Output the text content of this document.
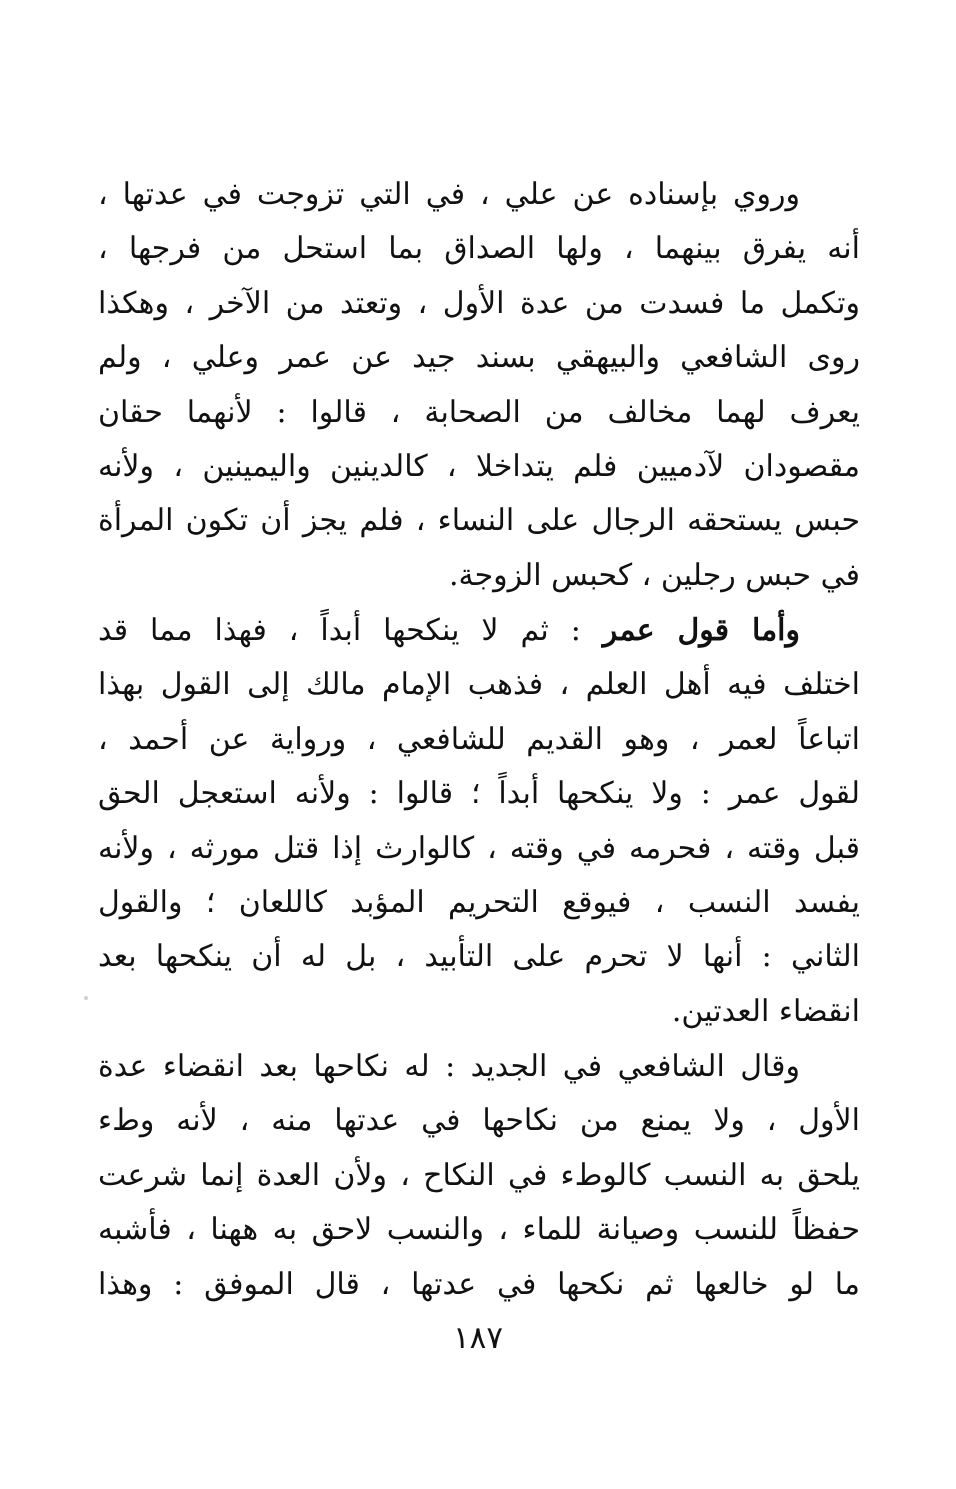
وروي بإسناده عن علي ، في التي تزوجت في عدتها ،
أنه يفرق بينهما ، ولها الصداق بما استحل من فرجها ،
وتكمل ما فسدت من عدة الأول ، وتعتد من الآخر ، وهكذا
روى الشافعي والبيهقي بسند جيد عن عمر وعلي ، ولم
يعرف لهما مخالف من الصحابة ، قالوا : لأنهما حقان
مقصودان لآدميين فلم يتداخلا ، كالدينين واليمينين ، ولأنه
حبس يستحقه الرجال على النساء ، فلم يجز أن تكون المرأة
في حبس رجلين ، كحبس الزوجة.
وأما قول عمر : ثم لا ينكحها أبداً ، فهذا مما قد
اختلف فيه أهل العلم ، فذهب الإمام مالك إلى القول بهذا
اتباعاً لعمر ، وهو القديم للشافعي ، ورواية عن أحمد ،
لقول عمر : ولا ينكحها أبداً ؛ قالوا : ولأنه استعجل الحق
قبل وقته ، فحرمه في وقته ، كالوارث إذا قتل مورثه ، ولأنه
يفسد النسب ، فيوقع التحريم المؤبد كاللعان ؛ والقول
الثاني : أنها لا تحرم على التأبيد ، بل له أن ينكحها بعد
انقضاء العدتين.
وقال الشافعي في الجديد : له نكاحها بعد انقضاء عدة
الأول ، ولا يمنع من نكاحها في عدتها منه ، لأنه وطء
يلحق به النسب كالوطء في النكاح ، ولأن العدة إنما شرعت
حفظاً للنسب وصيانة للماء ، والنسب لاحق به ههنا ، فأشبه
ما لو خالعها ثم نكحها في عدتها ، قال الموفق : وهذا
١٨٧
